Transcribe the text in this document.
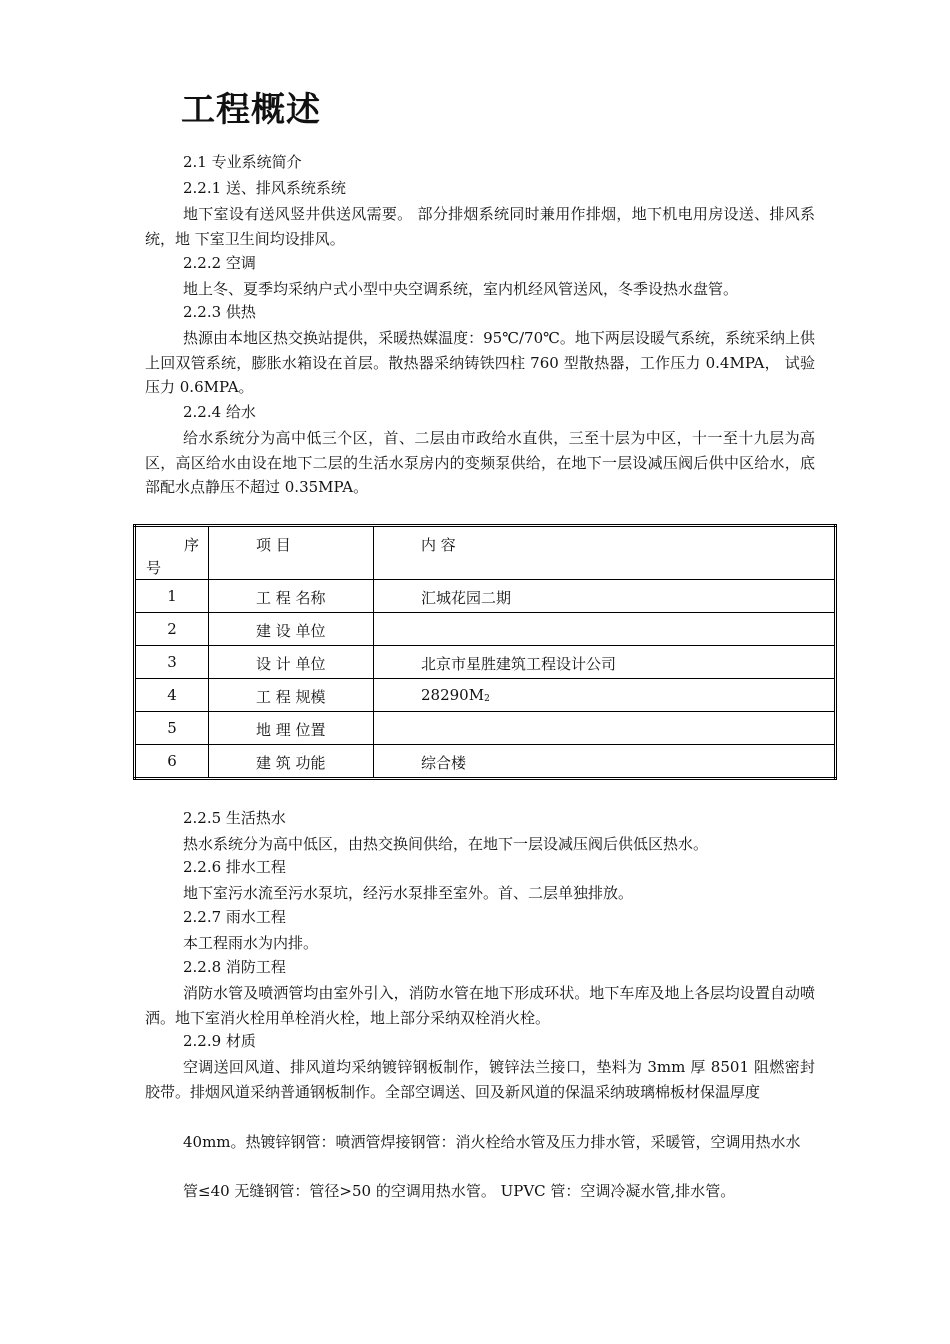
工程概述
2.1 专业系统简介
2.2.1 送、排风系统系统
地下室设有送风竖井供送风需要。 部分排烟系统同时兼用作排烟，地下机电用房设送、排风系统，地 下室卫生间均设排风。
2.2.2 空调
地上冬、夏季均采纳户式小型中央空调系统，室内机经风管送风，冬季设热水盘管。
2.2.3 供热
热源由本地区热交换站提供，采暖热媒温度：95℃/70℃。地下两层设暖气系统，系统采纳上供上回双管系统，膨胀水箱设在首层。散热器采纳铸铁四柱 760 型散热器，工作压力 0.4MPA， 试验压力 0.6MPA。
2.2.4 给水
给水系统分为高中低三个区，首、二层由市政给水直供，三至十层为中区，十一至十九层为高区，高区给水由设在地下二层的生活水泵房内的变频泵供给，在地下一层设减压阀后供中区给水，底部配水点静压不超过 0.35MPA。
序
号	项 目	内 容

1	工 程 名称	汇城花园二期

2	建 设 单位	

3	设 计 单位	北京市星胜建筑工程设计公司

4	工 程 规模	$28290M_2$

5	地 理 位置	

6	建 筑 功能	综合楼
2.2.5 生活热水
热水系统分为高中低区，由热交换间供给，在地下一层设减压阀后供低区热水。
2.2.6 排水工程
地下室污水流至污水泵坑，经污水泵排至室外。首、二层单独排放。
2.2.7 雨水工程
本工程雨水为内排。
2.2.8 消防工程
消防水管及喷洒管均由室外引入，消防水管在地下形成环状。地下车库及地上各层均设置自动喷洒。地下室消火栓用单栓消火栓，地上部分采纳双栓消火栓。
2.2.9 材质
空调送回风道、排风道均采纳镀锌钢板制作，镀锌法兰接口，垫料为 3mm 厚 8501 阻燃密封胶带。排烟风道采纳普通钢板制作。全部空调送、回及新风道的保温采纳玻璃棉板材保温厚度
40mm。热镀锌钢管：喷洒管焊接钢管：消火栓给水管及压力排水管，采暖管，空调用热水水
管≤40 无缝钢管：管径>50 的空调用热水管。 UPVC 管：空调冷凝水管,排水管。
